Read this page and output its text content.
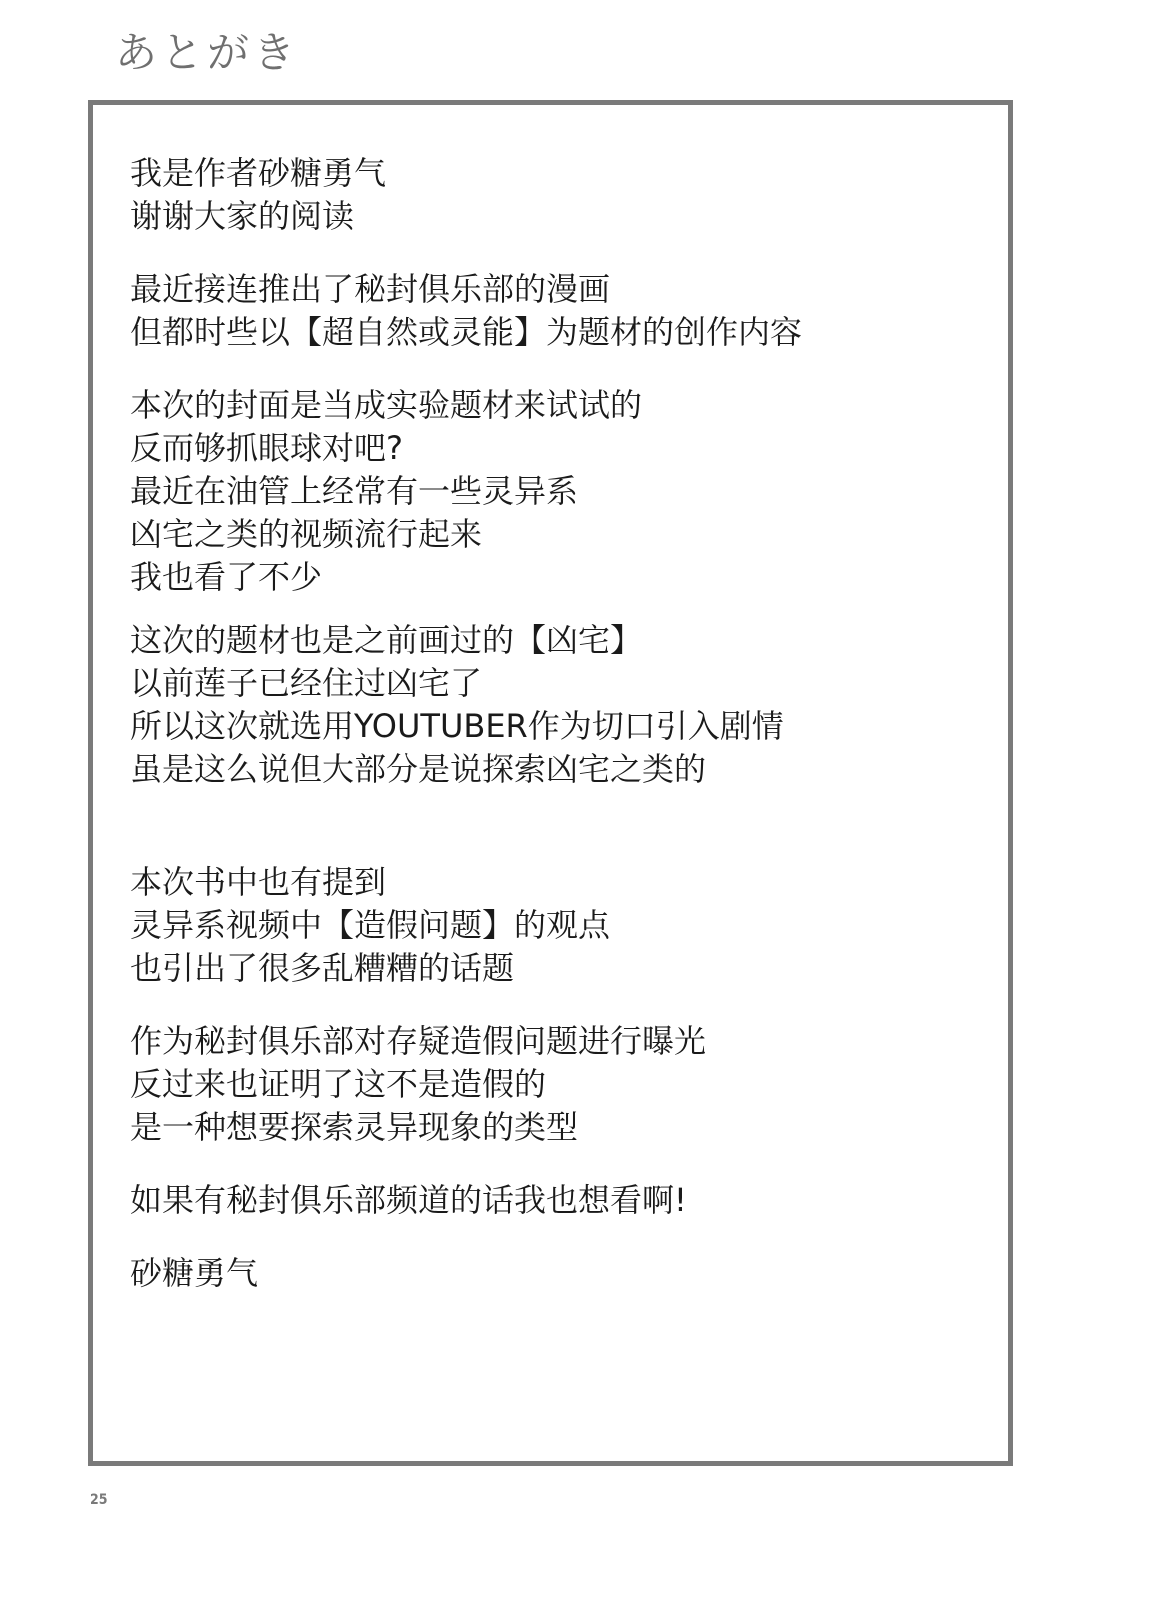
あとがき

我是作者砂糖勇气
谢谢大家的阅读

最近接连推出了秘封俱乐部的漫画
但都时些以【超自然或灵能】为题材的创作内容

本次的封面是当成实验题材来试试的
反而够抓眼球对吧?
最近在油管上经常有一些灵异系
凶宅之类的视频流行起来
我也看了不少

这次的题材也是之前画过的【凶宅】
以前莲子已经住过凶宅了
所以这次就选用YOUTUBER作为切口引入剧情
虽是这么说但大部分是说探索凶宅之类的

本次书中也有提到
灵异系视频中【造假问题】的观点
也引出了很多乱糟糟的话题

作为秘封俱乐部对存疑造假问题进行曝光
反过来也证明了这不是造假的
是一种想要探索灵异现象的类型

如果有秘封俱乐部频道的话我也想看啊!

砂糖勇气

25
